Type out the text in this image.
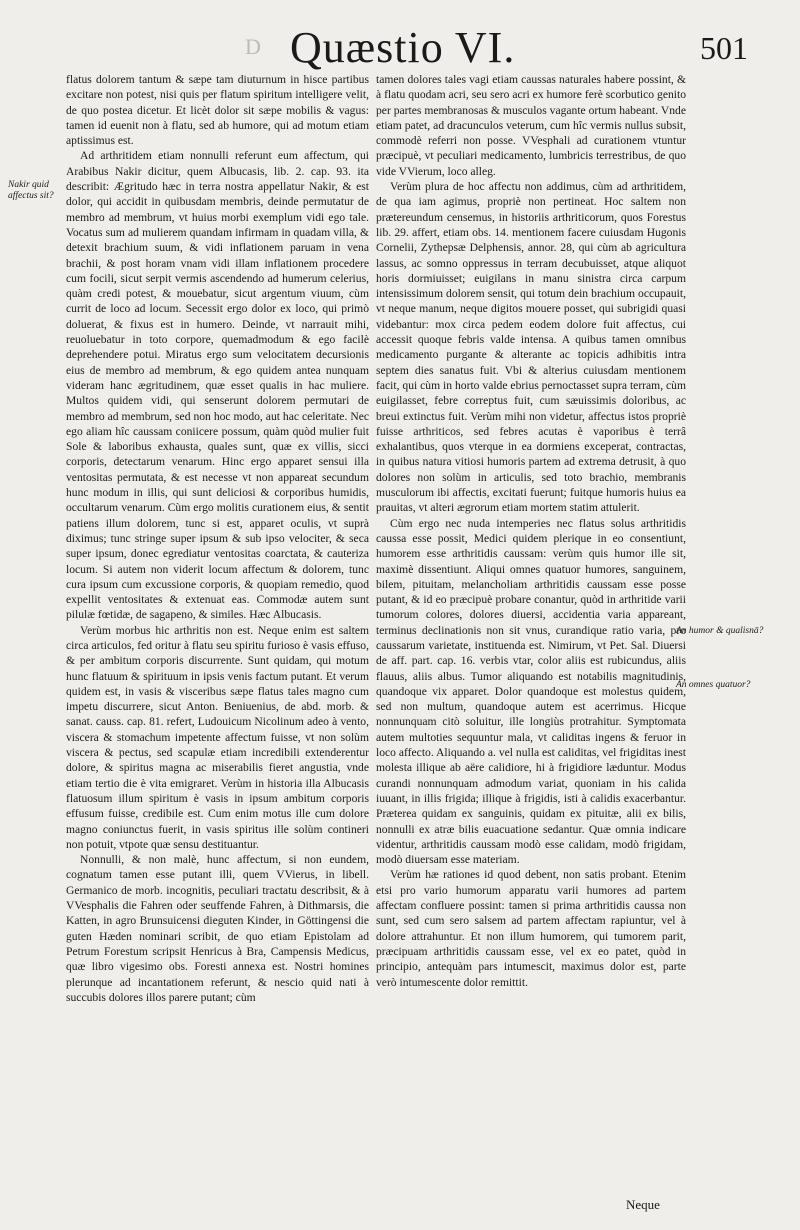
D Quæstio VI.	501
Nakir quid affectus sit?
An humor & qualisnā?
An omnes quatuor?

flatus dolorem tantum & sæpe tam diuturnum in hisce partibus excitare non potest, nisi quis per flatum spiritum intelligere velit, de quo postea dicetur. Et licèt dolor sit sæpe mobilis & vagus: tamen id euenit non à flatu, sed ab humore, qui ad motum etiam aptissimus est.

Ad arthritidem etiam nonnulli referunt eum affectum, qui Arabibus Nakir dicitur, quem Albucasis, lib. 2. cap. 93. ita describit: Ægritudo hæc in terra nostra appellatur Nakir, & est dolor, qui accidit in quibusdam membris, deinde permutatur de membro ad membrum, vt huius morbi exemplum vidi ego tale. Vocatus sum ad mulierem quandam infirmam in quadam villa, & detexit brachium suum, & vidi inflationem paruam in vena brachii, & post horam vnam vidi illam inflationem procedere cum focili, sicut serpit vermis ascendendo ad humerum celerius, quàm credi potest, & mouebatur, sicut argentum viuum, cùm currit de loco ad locum. Secessit ergo dolor ex loco, qui primò doluerat, & fixus est in humero. Deinde, vt narrauit mihi, reuoluebatur in toto corpore, quemadmodum & ego facilè deprehendere potui. Miratus ergo sum velocitatem decursionis eius de membro ad membrum, & ego quidem antea nunquam videram hanc ægritudinem, quæ esset qualis in hac muliere. Multos quidem vidi, qui senserunt dolorem permutari de membro ad membrum, sed non hoc modo, aut hac celeritate. Nec ego aliam hîc caussam coniicere possum, quàm quòd mulier fuit Sole & laboribus exhausta, quales sunt, quæ ex villis, sicci corporis, detectarum venarum. Hinc ergo apparet sensui illa ventositas permutata, & est necesse vt non appareat secundum hunc modum in illis, qui sunt deliciosi & corporibus humidis, occultarum venarum. Cùm ergo molitis curationem eius, & sentit patiens illum dolorem, tunc si est, apparet oculis, vt suprà diximus; tunc stringe super ipsum & sub ipso velociter, & seca super ipsum, donec egrediatur ventositas coarctata, & cauteriza locum. Si autem non viderit locum affectum & dolorem, tunc cura ipsum cum excussione corporis, & quopiam remedio, quod expellit ventositates & extenuat eas. Commodæ autem sunt pilulæ fœtidæ, de sagapeno, & similes. Hæc Albucasis.

Verùm morbus hic arthritis non est. Neque enim est saltem circa articulos, fed oritur à flatu seu spiritu furioso è vasis effuso, & per ambitum corporis discurrente. Sunt quidam, qui motum hunc flatuum & spirituum in ipsis venis factum putant. Et verum quidem est, in vasis & visceribus sæpe flatus tales magno cum impetu discurrere, sicut Anton. Beniuenius, de abd. morb. & sanat. causs. cap. 81. refert, Ludouicum Nicolinum adeo à vento, viscera & stomachum impetente affectum fuisse, vt non solùm viscera & pectus, sed scapulæ etiam incredibili extenderentur dolore, & spiritus magna ac miserabilis fieret angustia, vnde etiam tertio die è vita emigraret. Verùm in historia illa Albucasis flatuosum illum spiritum è vasis in ipsum ambitum corporis effusum fuisse, credibile est. Cum enim motus ille cum dolore magno coniunctus fuerit, in vasis spiritus ille solùm contineri non potuit, vtpote quæ sensu destituantur.

Nonnulli, & non malè, hunc affectum, si non eundem, cognatum tamen esse putant illi, quem VVierus, in libell. Germanico de morb. incognitis, peculiari tractatu describsit, & à VVesphalis die Fahren oder seuffende Fahren, à Dithmarsis, die Katten, in agro Brunsuicensi dieguten Kinder, in Göttingensi die guten Hæden nominari scribit, de quo etiam Epistolam ad Petrum Forestum scripsit Henricus à Bra, Campensis Medicus, quæ libro vigesimo obs. Foresti annexa est. Nostri homines plerunque ad incantationem referunt, & nescio quid nati à succubis dolores illos parere putant; cùm

tamen dolores tales vagi etiam caussas naturales habere possint, & à flatu quodam acri, seu sero acri ex humore ferè scorbutico genito per partes membranosas & musculos vagante ortum habeant. Vnde etiam patet, ad dracunculos veterum, cum hîc vermis nullus subsit, commodè referri non posse. VVesphali ad curationem vtuntur præcipuè, vt peculiari medicamento, lumbricis terrestribus, de quo vide VVierum, loco alleg.

Verùm plura de hoc affectu non addimus, cùm ad arthritidem, de qua iam agimus, propriè non pertineat. Hoc saltem non prætereundum censemus, in historiis arthriticorum, quos Forestus lib. 29. affert, etiam obs. 14. mentionem facere cuiusdam Hugonis Cornelii, Zythepsæ Delphensis, annor. 28, qui cùm ab agricultura lassus, ac somno oppressus in terram decubuisset, atque aliquot horis dormiuisset; euigilans in manu sinistra circa carpum intensissimum dolorem sensit, qui totum dein brachium occupauit, vt neque manum, neque digitos mouere posset, qui subrigidi quasi videbantur: mox circa pedem eodem dolore fuit affectus, cui accessit quoque febris valde intensa. A quibus tamen omnibus medicamento purgante & alterante ac topicis adhibitis intra septem dies sanatus fuit. Vbi & alterius cuiusdam mentionem facit, qui cùm in horto valde ebrius pernoctasset supra terram, cùm euigilasset, febre correptus fuit, cum sæuissimis doloribus, ac breui extinctus fuit. Verùm mihi non videtur, affectus istos propriè fuisse arthriticos, sed febres acutas è vaporibus è terrâ exhalantibus, quos vterque in ea dormiens exceperat, contractas, in quibus natura vitiosi humoris partem ad extrema detrusit, à quo dolores non solùm in articulis, sed toto brachio, membranis musculorum ibi affectis, excitati fuerunt; fuitque humoris huius ea prauitas, vt alteri ægrorum etiam mortem statim attulerit.

Cùm ergo nec nuda intemperies nec flatus solus arthritidis caussa esse possit, Medici quidem plerique in eo consentiunt, humorem esse arthritidis caussam: verùm quis humor ille sit, maximè dissentiunt. Aliqui omnes quatuor humores, sanguinem, bilem, pituitam, melancholiam arthritidis caussam esse posse putant, & id eo præcipuè probare conantur, quòd in arthritide varii tumorum colores, dolores diuersi, accidentia varia appareant, terminus declinationis non sit vnus, curandique ratio varia, pro caussarum varietate, instituenda est. Nimirum, vt Pet. Sal. Diuersi de aff. part. cap. 16. verbis vtar, color aliis est rubicundus, aliis flauus, aliis albus. Tumor aliquando est notabilis magnitudinis, quandoque vix apparet. Dolor quandoque est molestus quidem, sed non multum, quandoque autem est acerrimus. Hicque nonnunquam citò soluitur, ille longiùs protrahitur. Symptomata autem multoties sequuntur mala, vt caliditas ingens & feruor in loco affecto. Aliquando a. vel nulla est caliditas, vel frigiditas inest molesta illique ab aëre calidiore, hi à frigidiore læduntur. Modus curandi nonnunquam admodum variat, quoniam in his calida iuuant, in illis frigida; illique à frigidis, isti à calidis exacerbantur. Præterea quidam ex sanguinis, quidam ex pituitæ, alii ex bilis, nonnulli ex atræ bilis euacuatione sedantur. Quæ omnia indicare videntur, arthritidis caussam modò esse calidam, modò frigidam, modò diuersam esse materiam.

Verùm hæ rationes id quod debent, non satis probant. Etenim etsi pro vario humorum apparatu varii humores ad partem affectam confluere possint: tamen si prima arthritidis caussa non sunt, sed cum sero salsem ad partem affectam rapiuntur, vel à dolore attrahuntur. Et non illum humorem, qui tumorem parit, præcipuam arthritidis caussam esse, vel ex eo patet, quòd in principio, antequàm pars intumescit, maximus dolor est, parte verò intumescente dolor remittit.

Neque
